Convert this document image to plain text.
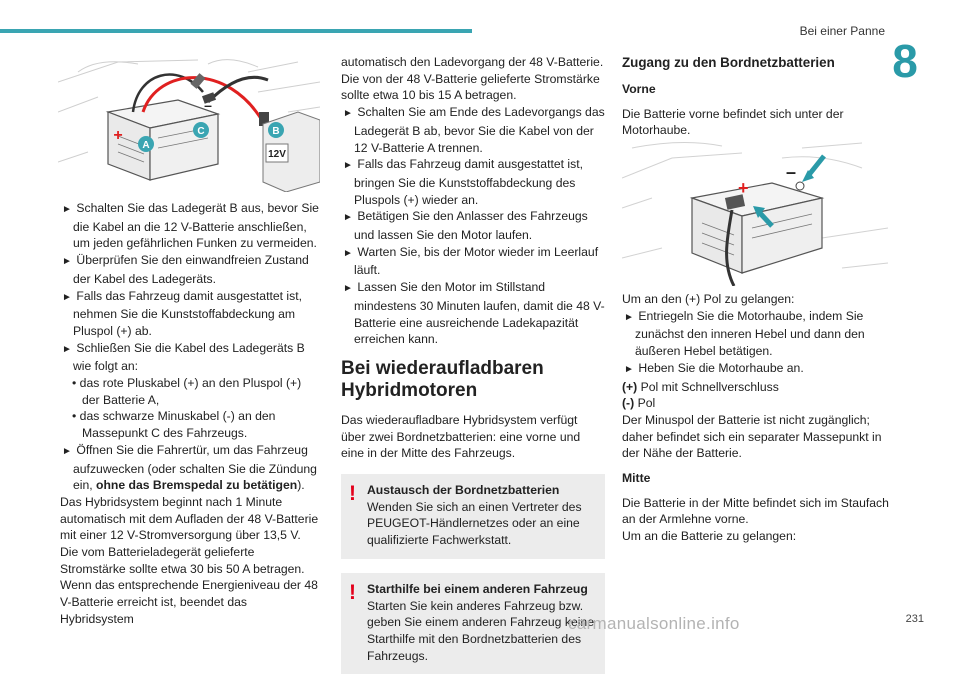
Bei einer Panne
8
12V
+
–
A
C	B
► Schalten Sie das Ladegerät B aus, bevor Sie die Kabel an die 12 V-Batterie anschließen, um jeden gefährlichen Funken zu vermeiden.
► Überprüfen Sie den einwandfreien Zustand der Kabel des Ladegeräts.
► Falls das Fahrzeug damit ausgestattet ist, nehmen Sie die Kunststoffabdeckung am Pluspol (+) ab.
► Schließen Sie die Kabel des Ladegeräts B wie folgt an:
• das rote Pluskabel (+) an den Pluspol (+) der Batterie A,
• das schwarze Minuskabel (-) an den Massepunkt C des Fahrzeugs.
► Öffnen Sie die Fahrertür, um das Fahrzeug aufzuwecken (oder schalten Sie die Zündung ein, ohne das Bremspedal zu betätigen).

Das Hybridsystem beginnt nach 1 Minute automatisch mit dem Aufladen der 48 V-Batterie mit einer 12 V-Stromversorgung über 13,5 V. Die vom Batterieladegerät gelieferte Stromstärke sollte etwa 30 bis 50 A betragen.

Wenn das entsprechende Energieniveau der 48 V-Batterie erreicht ist, beendet das Hybridsystem

automatisch den Ladevorgang der 48 V-Batterie. Die von der 48 V-Batterie gelieferte Stromstärke sollte etwa 10 bis 15 A betragen.

► Schalten Sie am Ende des Ladevorgangs das Ladegerät B ab, bevor Sie die Kabel von der 12 V-Batterie A trennen.
► Falls das Fahrzeug damit ausgestattet ist, bringen Sie die Kunststoffabdeckung des Pluspols (+) wieder an.
► Betätigen Sie den Anlasser des Fahrzeugs und lassen Sie den Motor laufen.
► Warten Sie, bis der Motor wieder im Leerlauf läuft.
► Lassen Sie den Motor im Stillstand mindestens 30 Minuten laufen, damit die 48 V-Batterie eine ausreichende Ladekapazität erreichen kann.
Bei wiederaufladbaren Hybridmotoren

Das wiederaufladbare Hybridsystem verfügt über zwei Bordnetzbatterien: eine vorne und eine in der Mitte des Fahrzeugs.

! Austausch der Bordnetzbatterien
Wenden Sie sich an einen Vertreter des PEUGEOT-Händlernetzes oder an eine qualifizierte Fachwerkstatt.
! Starthilfe bei einem anderen Fahrzeug
Starten Sie kein anderes Fahrzeug bzw. geben Sie einem anderen Fahrzeug keine Starthilfe mit den Bordnetzbatterien des Fahrzeugs.
Zugang zu den Bordnetzbatterien
Vorne

Die Batterie vorne befindet sich unter der Motorhaube.

+
–

Um an den (+) Pol zu gelangen:

► Entriegeln Sie die Motorhaube, indem Sie zunächst den inneren Hebel und dann den äußeren Hebel betätigen.
► Heben Sie die Motorhaube an.

(+) Pol mit Schnellverschluss

(-) Pol

Der Minuspol der Batterie ist nicht zugänglich; daher befindet sich ein separater Massepunkt in der Nähe der Batterie.

Mitte

Die Batterie in der Mitte befindet sich im Staufach an der Armlehne vorne.

Um an die Batterie zu gelangen:

carmanualsonline.info	231
